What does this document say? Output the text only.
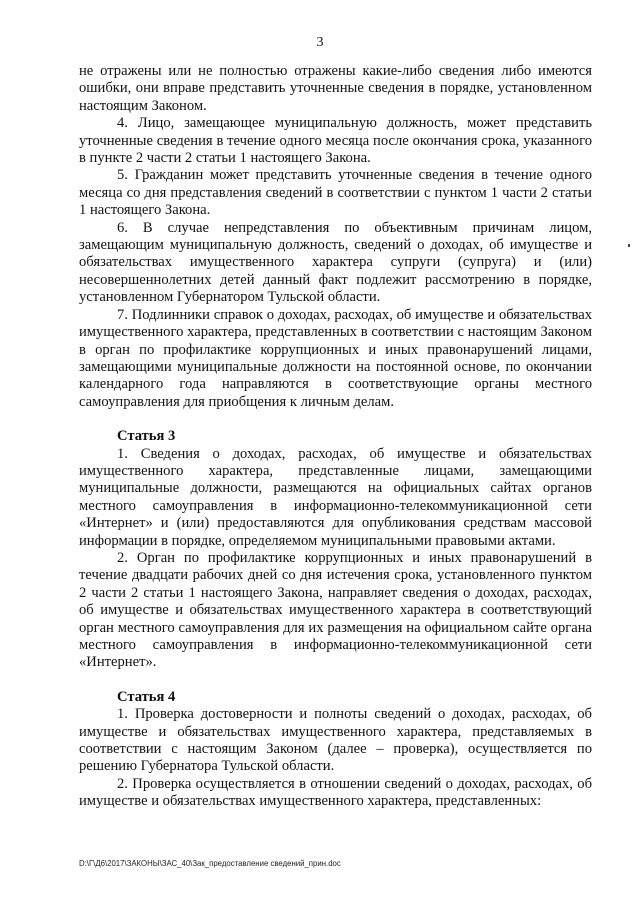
3

не отражены или не полностью отражены какие-либо сведения либо имеются ошибки, они вправе представить уточненные сведения в порядке, установленном настоящим Законом.

4. Лицо, замещающее муниципальную должность, может представить уточненные сведения в течение одного месяца после окончания срока, указанного в пункте 2 части 2 статьи 1 настоящего Закона.

5. Гражданин может представить уточненные сведения в течение одного месяца со дня представления сведений в соответствии с пунктом 1 части 2 статьи 1 настоящего Закона.

6. В случае непредставления по объективным причинам лицом, замещающим муниципальную должность, сведений о доходах, об имуществе и обязательствах имущественного характера супруги (супруга) и (или) несовершеннолетних детей данный факт подлежит рассмотрению в порядке, установленном Губернатором Тульской области.

7. Подлинники справок о доходах, расходах, об имуществе и обязательствах имущественного характера, представленных в соответствии с настоящим Законом в орган по профилактике коррупционных и иных правонарушений лицами, замещающими муниципальные должности на постоянной основе, по окончании календарного года направляются в соответствующие органы местного самоуправления для приобщения к личным делам.

Статья 3

1. Сведения о доходах, расходах, об имуществе и обязательствах имущественного характера, представленные лицами, замещающими муниципальные должности, размещаются на официальных сайтах органов местного самоуправления в информационно-телекоммуникационной сети «Интернет» и (или) предоставляются для опубликования средствам массовой информации в порядке, определяемом муниципальными правовыми актами.

2. Орган по профилактике коррупционных и иных правонарушений в течение двадцати рабочих дней со дня истечения срока, установленного пунктом 2 части 2 статьи 1 настоящего Закона, направляет сведения о доходах, расходах, об имуществе и обязательствах имущественного характера в соответствующий орган местного самоуправления для их размещения на официальном сайте органа местного самоуправления в информационно-телекоммуникационной сети «Интернет».

Статья 4

1. Проверка достоверности и полноты сведений о доходах, расходах, об имуществе и обязательствах имущественного характера, представляемых в соответствии с настоящим Законом (далее – проверка), осуществляется по решению Губернатора Тульской области.

2. Проверка осуществляется в отношении сведений о доходах, расходах, об имуществе и обязательствах имущественного характера, представленных:

D:\Г\Д6\2017\ЗАКОНЫ\ЗАС_40\Зак_предоставление сведений_прин.doc
